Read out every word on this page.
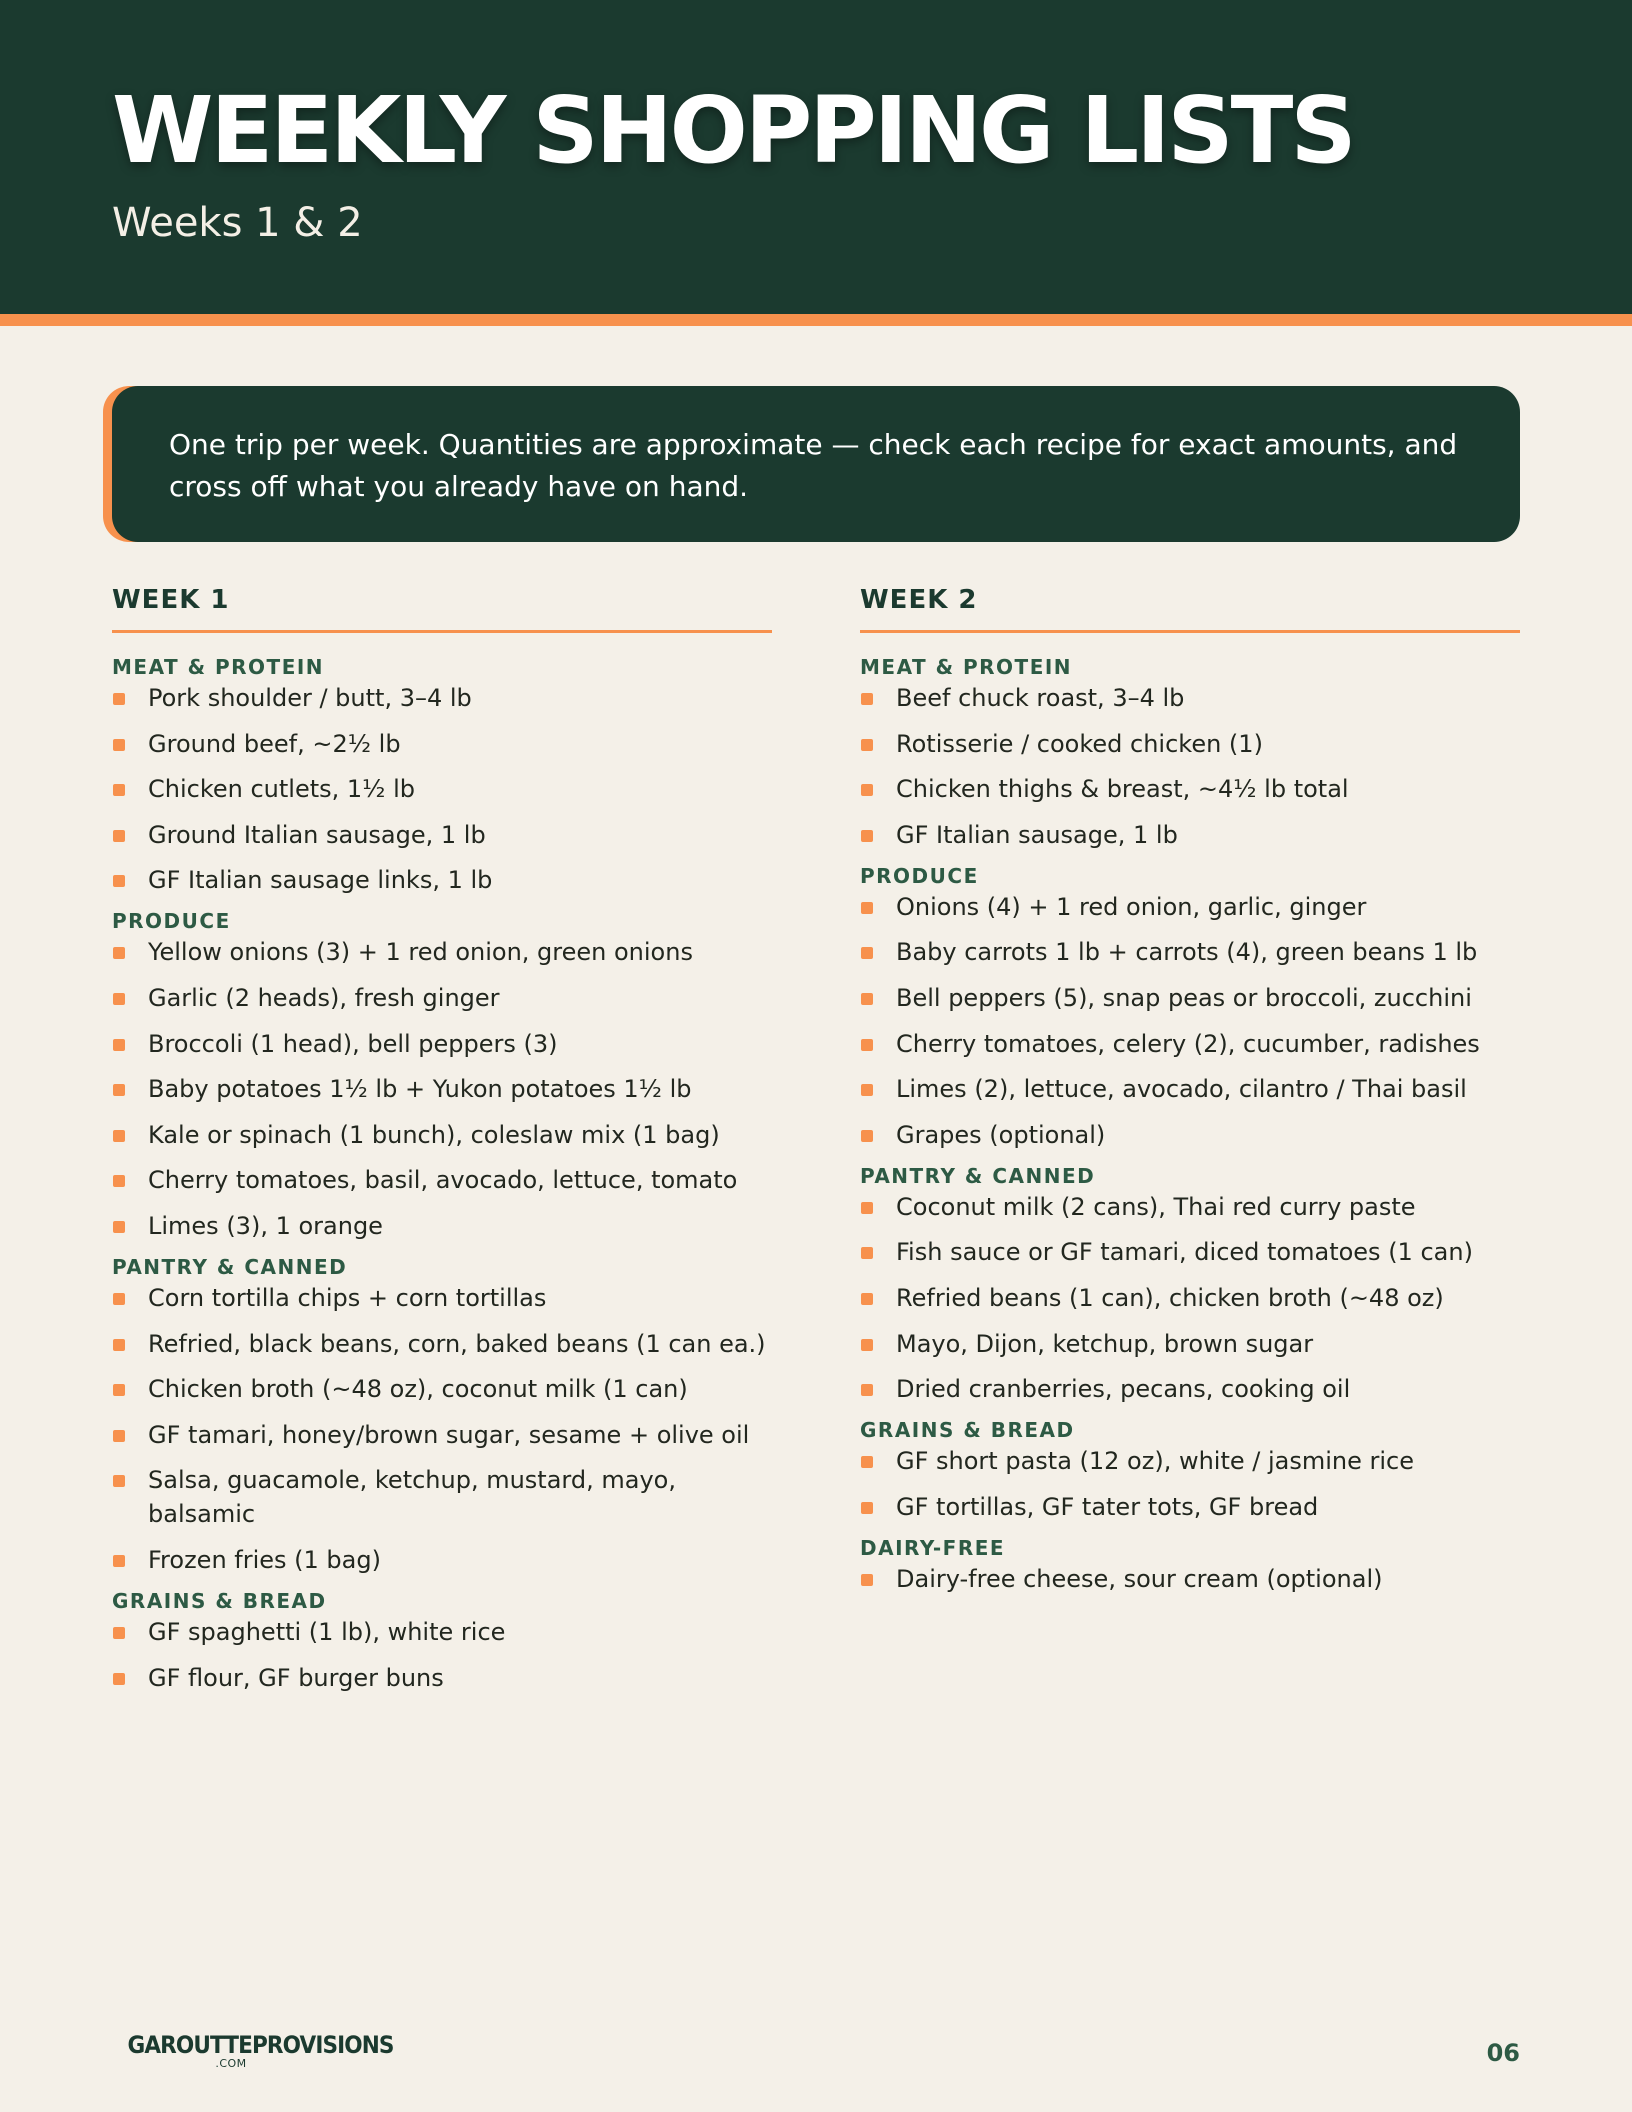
WEEKLY SHOPPING LISTS
Weeks 1 & 2
One trip per week. Quantities are approximate — check each recipe for exact amounts, and cross off what you already have on hand.
WEEK 1
MEAT & PROTEIN
Pork shoulder / butt, 3–4 lb
Ground beef, ~2½ lb
Chicken cutlets, 1½ lb
Ground Italian sausage, 1 lb
GF Italian sausage links, 1 lb
PRODUCE
Yellow onions (3) + 1 red onion, green onions
Garlic (2 heads), fresh ginger
Broccoli (1 head), bell peppers (3)
Baby potatoes 1½ lb + Yukon potatoes 1½ lb
Kale or spinach (1 bunch), coleslaw mix (1 bag)
Cherry tomatoes, basil, avocado, lettuce, tomato
Limes (3), 1 orange
PANTRY & CANNED
Corn tortilla chips + corn tortillas
Refried, black beans, corn, baked beans (1 can ea.)
Chicken broth (~48 oz), coconut milk (1 can)
GF tamari, honey/brown sugar, sesame + olive oil
Salsa, guacamole, ketchup, mustard, mayo, balsamic
Frozen fries (1 bag)
GRAINS & BREAD
GF spaghetti (1 lb), white rice
GF flour, GF burger buns
WEEK 2
MEAT & PROTEIN
Beef chuck roast, 3–4 lb
Rotisserie / cooked chicken (1)
Chicken thighs & breast, ~4½ lb total
GF Italian sausage, 1 lb
PRODUCE
Onions (4) + 1 red onion, garlic, ginger
Baby carrots 1 lb + carrots (4), green beans 1 lb
Bell peppers (5), snap peas or broccoli, zucchini
Cherry tomatoes, celery (2), cucumber, radishes
Limes (2), lettuce, avocado, cilantro / Thai basil
Grapes (optional)
PANTRY & CANNED
Coconut milk (2 cans), Thai red curry paste
Fish sauce or GF tamari, diced tomatoes (1 can)
Refried beans (1 can), chicken broth (~48 oz)
Mayo, Dijon, ketchup, brown sugar
Dried cranberries, pecans, cooking oil
GRAINS & BREAD
GF short pasta (12 oz), white / jasmine rice
GF tortillas, GF tater tots, GF bread
DAIRY-FREE
Dairy-free cheese, sour cream (optional)
GAROUTTEPROVISIONS
.COM	06
